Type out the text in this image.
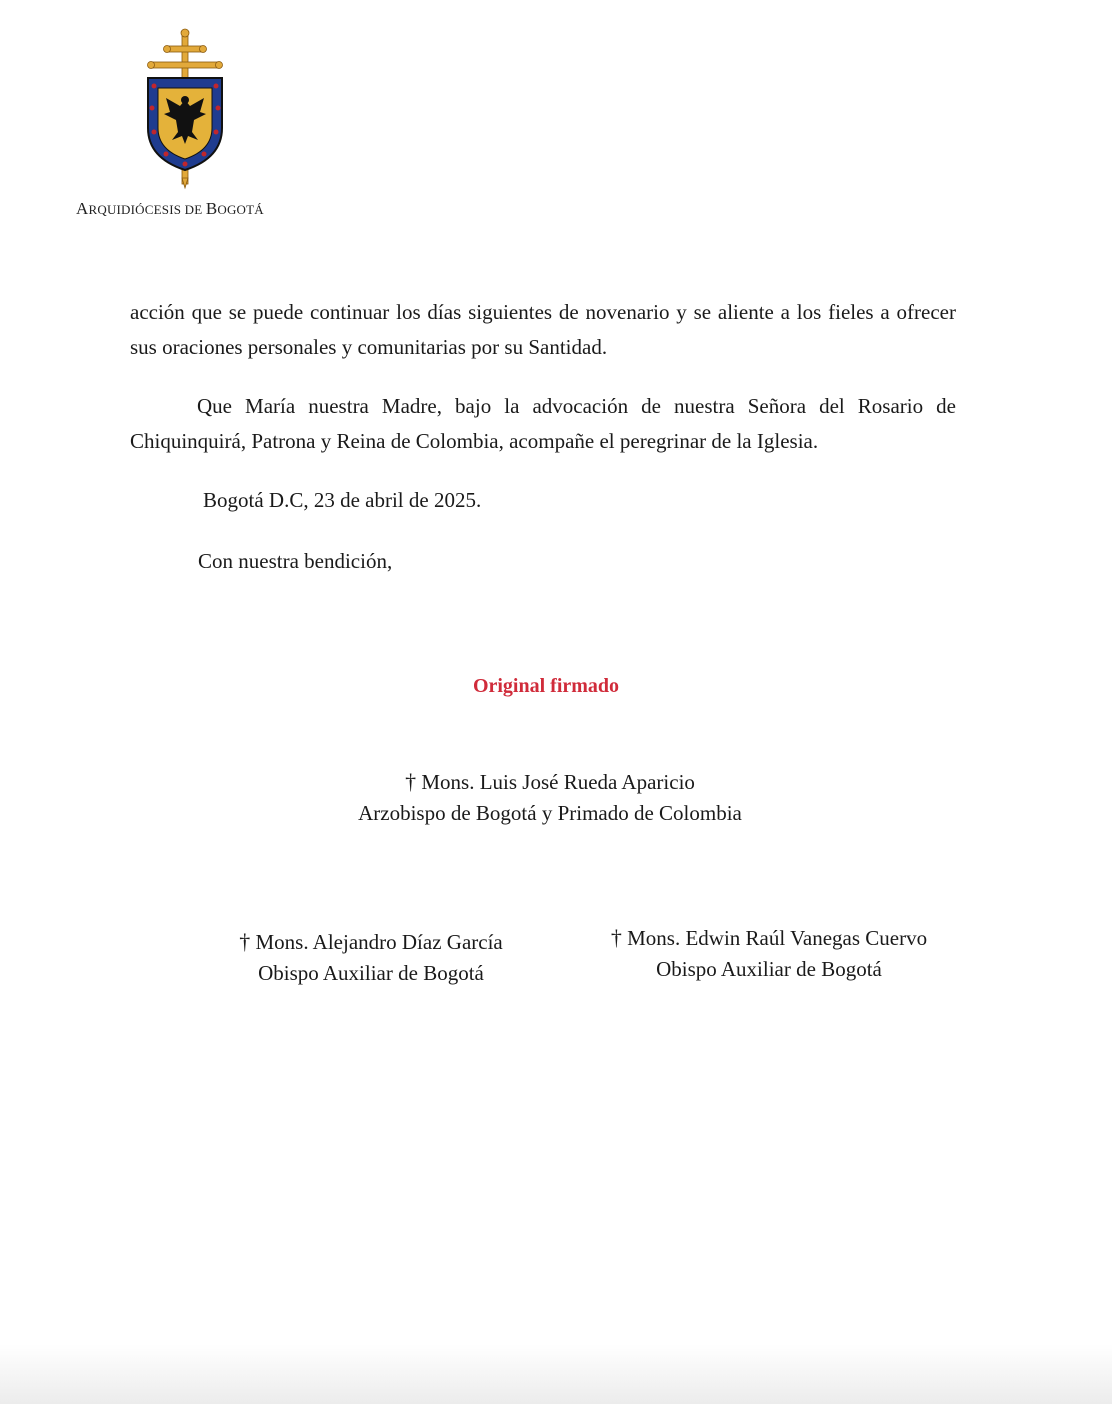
ARQUIDIÓCESIS DE BOGOTÁ

acción que se puede continuar los días siguientes de novenario y se aliente a los fieles a ofrecer sus oraciones personales y comunitarias por su Santidad.

Que María nuestra Madre, bajo la advocación de nuestra Señora del Rosario de Chiquinquirá, Patrona y Reina de Colombia, acompañe el peregrinar de la Iglesia.

Bogotá D.C, 23 de abril de 2025.
Con nuestra bendición,
Original firmado
† Mons. Luis José Rueda Aparicio
Arzobispo de Bogotá y Primado de Colombia
† Mons. Alejandro Díaz García
Obispo Auxiliar de Bogotá
† Mons. Edwin Raúl Vanegas Cuervo
Obispo Auxiliar de Bogotá
